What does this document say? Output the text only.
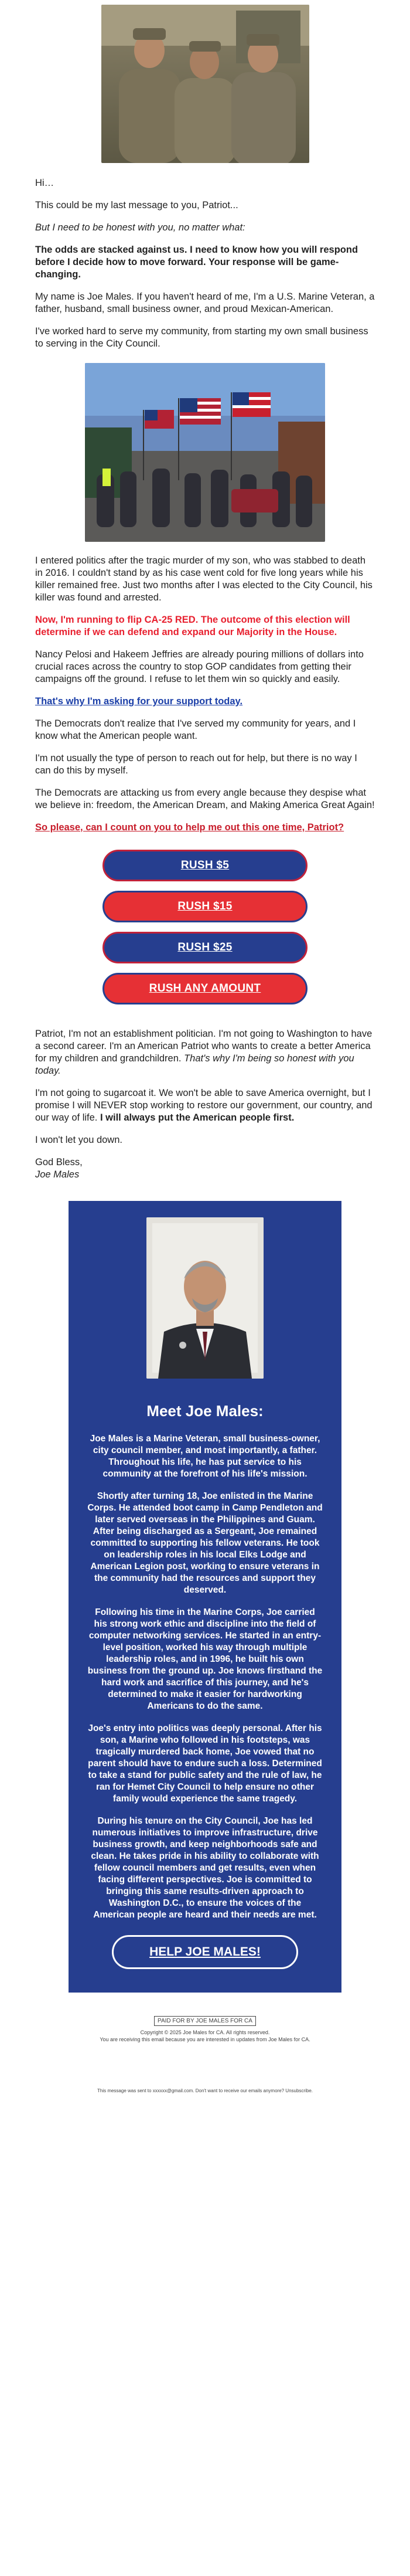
Hi…

This could be my last message to you, Patriot...

But I need to be honest with you, no matter what:

The odds are stacked against us. I need to know how you will respond before I decide how to move forward. Your response will be game-changing.

My name is Joe Males. If you haven't heard of me, I'm a U.S. Marine Veteran, a father, husband, small business owner, and proud Mexican-American.

I've worked hard to serve my community, from starting my own small business to serving in the City Council.

I entered politics after the tragic murder of my son, who was stabbed to death in 2016. I couldn't stand by as his case went cold for five long years while his killer remained free. Just two months after I was elected to the City Council, his killer was found and arrested.

Now, I'm running to flip CA-25 RED. The outcome of this election will determine if we can defend and expand our Majority in the House.

Nancy Pelosi and Hakeem Jeffries are already pouring millions of dollars into crucial races across the country to stop GOP candidates from getting their campaigns off the ground. I refuse to let them win so quickly and easily.

That's why I'm asking for your support today.

The Democrats don't realize that I've served my community for years, and I know what the American people want.

I'm not usually the type of person to reach out for help, but there is no way I can do this by myself.

The Democrats are attacking us from every angle because they despise what we believe in: freedom, the American Dream, and Making America Great Again!

So please, can I count on you to help me out this one time, Patriot?

RUSH $5
RUSH $15
RUSH $25
RUSH ANY AMOUNT

Patriot, I'm not an establishment politician. I'm not going to Washington to have a second career. I'm an American Patriot who wants to create a better America for my children and grandchildren. That's why I'm being so honest with you today.

I'm not going to sugarcoat it. We won't be able to save America overnight, but I promise I will NEVER stop working to restore our government, our country, and our way of life. I will always put the American people first.

I won't let you down.

God Bless,
Joe Males

Meet Joe Males:

Joe Males is a Marine Veteran, small business-owner, city council member, and most importantly, a father. Throughout his life, he has put service to his community at the forefront of his life's mission.

Shortly after turning 18, Joe enlisted in the Marine Corps. He attended boot camp in Camp Pendleton and later served overseas in the Philippines and Guam. After being discharged as a Sergeant, Joe remained committed to supporting his fellow veterans. He took on leadership roles in his local Elks Lodge and American Legion post, working to ensure veterans in the community had the resources and support they deserved.

Following his time in the Marine Corps, Joe carried his strong work ethic and discipline into the field of computer networking services. He started in an entry-level position, worked his way through multiple leadership roles, and in 1996, he built his own business from the ground up. Joe knows firsthand the hard work and sacrifice of this journey, and he's determined to make it easier for hardworking Americans to do the same.

Joe's entry into politics was deeply personal. After his son, a Marine who followed in his footsteps, was tragically murdered back home, Joe vowed that no parent should have to endure such a loss. Determined to take a stand for public safety and the rule of law, he ran for Hemet City Council to help ensure no other family would experience the same tragedy.

During his tenure on the City Council, Joe has led numerous initiatives to improve infrastructure, drive business growth, and keep neighborhoods safe and clean. He takes pride in his ability to collaborate with fellow council members and get results, even when facing different perspectives. Joe is committed to bringing this same results-driven approach to Washington D.C., to ensure the voices of the American people are heard and their needs are met.

HELP JOE MALES!
PAID FOR BY JOE MALES FOR CA
Copyright © 2025 Joe Males for CA. All rights reserved.
You are receiving this email because you are interested in updates from Joe Males for CA.
This message was sent to xxxxxx@gmail.com. Don't want to receive our emails anymore? Unsubscribe.
